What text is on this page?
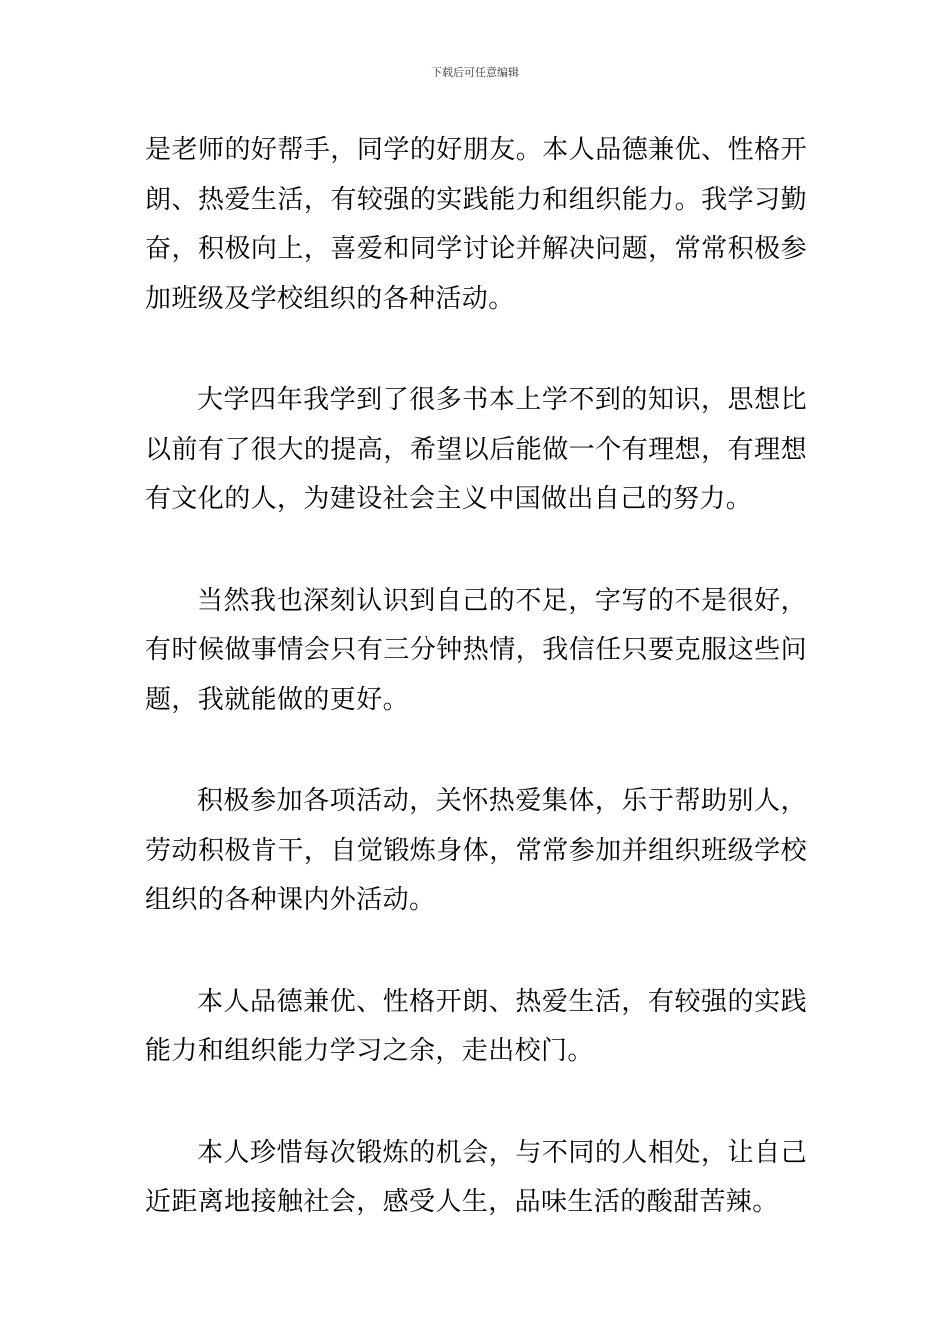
下载后可任意编辑

是老师的好帮手，同学的好朋友。本人品德兼优、性格开朗、热爱生活，有较强的实践能力和组织能力。我学习勤奋，积极向上，喜爱和同学讨论并解决问题，常常积极参加班级及学校组织的各种活动。

大学四年我学到了很多书本上学不到的知识，思想比以前有了很大的提高，希望以后能做一个有理想，有理想有文化的人，为建设社会主义中国做出自己的努力。

当然我也深刻认识到自己的不足，字写的不是很好，有时候做事情会只有三分钟热情，我信任只要克服这些问题，我就能做的更好。

积极参加各项活动，关怀热爱集体，乐于帮助别人，劳动积极肯干，自觉锻炼身体，常常参加并组织班级学校组织的各种课内外活动。

本人品德兼优、性格开朗、热爱生活，有较强的实践能力和组织能力学习之余，走出校门。

本人珍惜每次锻炼的机会，与不同的人相处，让自己近距离地接触社会，感受人生，品味生活的酸甜苦辣。
